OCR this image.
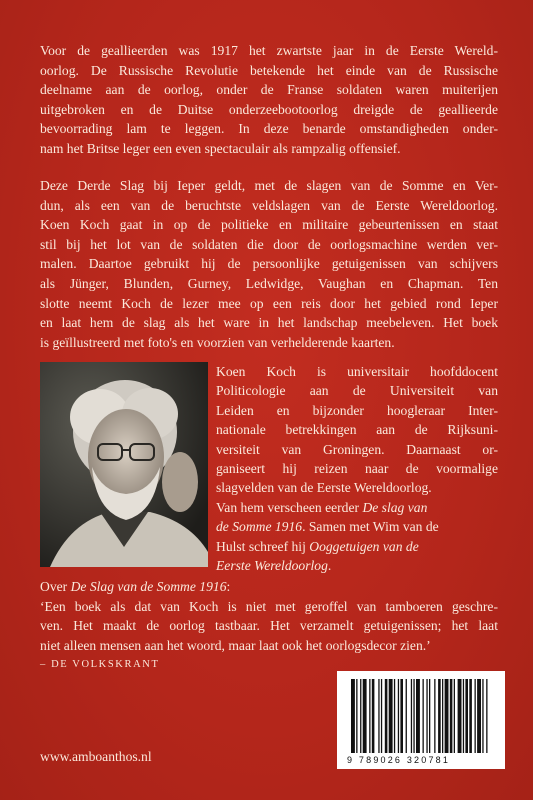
Voor de geallieerden was 1917 het zwartste jaar in de Eerste Wereld-
oorlog. De Russische Revolutie betekende het einde van de Russische
deelname aan de oorlog, onder de Franse soldaten waren muiterijen
uitgebroken en de Duitse onderzeebootoorlog dreigde de geallieerde
bevoorrading lam te leggen. In deze benarde omstandigheden onder-
nam het Britse leger een even spectaculair als rampzalig offensief.
Deze Derde Slag bij Ieper geldt, met de slagen van de Somme en Ver-
dun, als een van de beruchtste veldslagen van de Eerste Wereldoorlog.
Koen Koch gaat in op de politieke en militaire gebeurtenissen en staat
stil bij het lot van de soldaten die door de oorlogsmachine werden ver-
malen. Daartoe gebruikt hij de persoonlijke getuigenissen van schijvers
als Jünger, Blunden, Gurney, Ledwidge, Vaughan en Chapman. Ten
slotte neemt Koch de lezer mee op een reis door het gebied rond Ieper
en laat hem de slag als het ware in het landschap meebeleven. Het boek
is geïllustreerd met foto's en voorzien van verhelderende kaarten.
Koen Koch is universitair hoofddocent
Politicologie aan de Universiteit van
Leiden en bijzonder hoogleraar Inter-
nationale betrekkingen aan de Rijksuni-
versiteit van Groningen. Daarnaast or-
ganiseert hij reizen naar de voormalige
slagvelden van de Eerste Wereldoorlog.
Van hem verscheen eerder De slag van
de Somme 1916. Samen met Wim van de
Hulst schreef hij Ooggetuigen van de
Eerste Wereldoorlog.
Over De Slag van de Somme 1916:
‘Een boek als dat van Koch is niet met geroffel van tamboeren geschre-
ven. Het maakt de oorlog tastbaar. Het verzamelt getuigenissen; het laat
niet alleen mensen aan het woord, maar laat ook het oorlogsdecor zien.’
– DE VOLKSKRANT
www.amboanthos.nl	9 789026 320781
